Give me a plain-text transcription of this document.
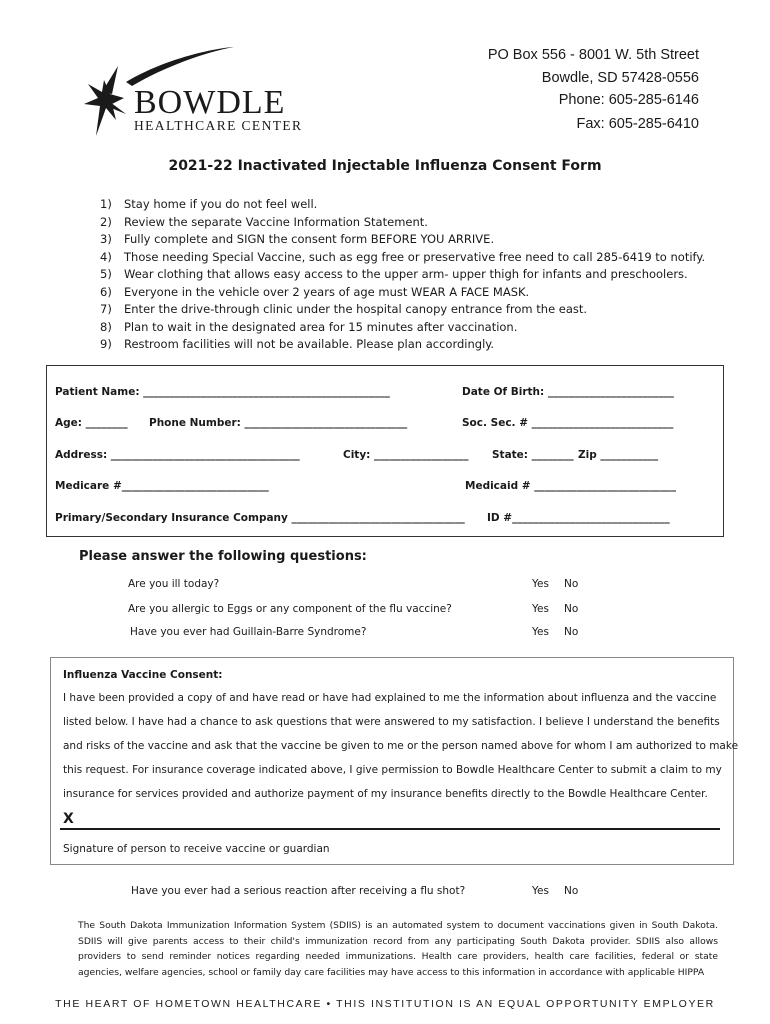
BOWDLE
HEALTHCARE CENTER
PO Box 556 - 8001 W. 5th Street
Bowdle, SD 57428-0556
Phone: 605-285-6146
Fax: 605-285-6410
2021-22 Inactivated Injectable Influenza Consent Form
1) Stay home if you do not feel well.
2) Review the separate Vaccine Information Statement.
3) Fully complete and SIGN the consent form BEFORE YOU ARRIVE.
4) Those needing Special Vaccine, such as egg free or preservative free need to call 285-6419 to notify.
5) Wear clothing that allows easy access to the upper arm- upper thigh for infants and preschoolers.
6) Everyone in the vehicle over 2 years of age must WEAR A FACE MASK.
7) Enter the drive-through clinic under the hospital canopy entrance from the east.
8) Plan to wait in the designated area for 15 minutes after vaccination.
9) Restroom facilities will not be available. Please plan accordingly.
Patient Name: _______________________________________________	Date Of Birth: ________________________
Age: ________ Phone Number: _______________________________	Soc. Sec. # ___________________________
Address: ____________________________________	City: __________________ State: ________ Zip ___________
Medicare #____________________________	Medicaid # ___________________________
Primary/Secondary Insurance Company _________________________________ ID #______________________________
Please answer the following questions:
Are you ill today?	Yes No
Are you allergic to Eggs or any component of the flu vaccine?	Yes No
Have you ever had Guillain-Barre Syndrome?	Yes No
Influenza Vaccine Consent:
I have been provided a copy of and have read or have had explained to me the information about influenza and the vaccine
listed below. I have had a chance to ask questions that were answered to my satisfaction. I believe I understand the benefits
and risks of the vaccine and ask that the vaccine be given to me or the person named above for whom I am authorized to make
this request. For insurance coverage indicated above, I give permission to Bowdle Healthcare Center to submit a claim to my
insurance for services provided and authorize payment of my insurance benefits directly to the Bowdle Healthcare Center.
X
Signature of person to receive vaccine or guardian
Have you ever had a serious reaction after receiving a flu shot?	Yes No
The South Dakota Immunization Information System (SDIIS) is an automated system to document vaccinations given in South Dakota. SDIIS will give parents access to their child's immunization record from any participating South Dakota provider. SDIIS also allows providers to send reminder notices regarding needed immunizations. Health care providers, health care facilities, federal or state agencies, welfare agencies, school or family day care facilities may have access to this information in accordance with applicable HIPPA
THE HEART OF HOMETOWN HEALTHCARE • THIS INSTITUTION IS AN EQUAL OPPORTUNITY EMPLOYER
